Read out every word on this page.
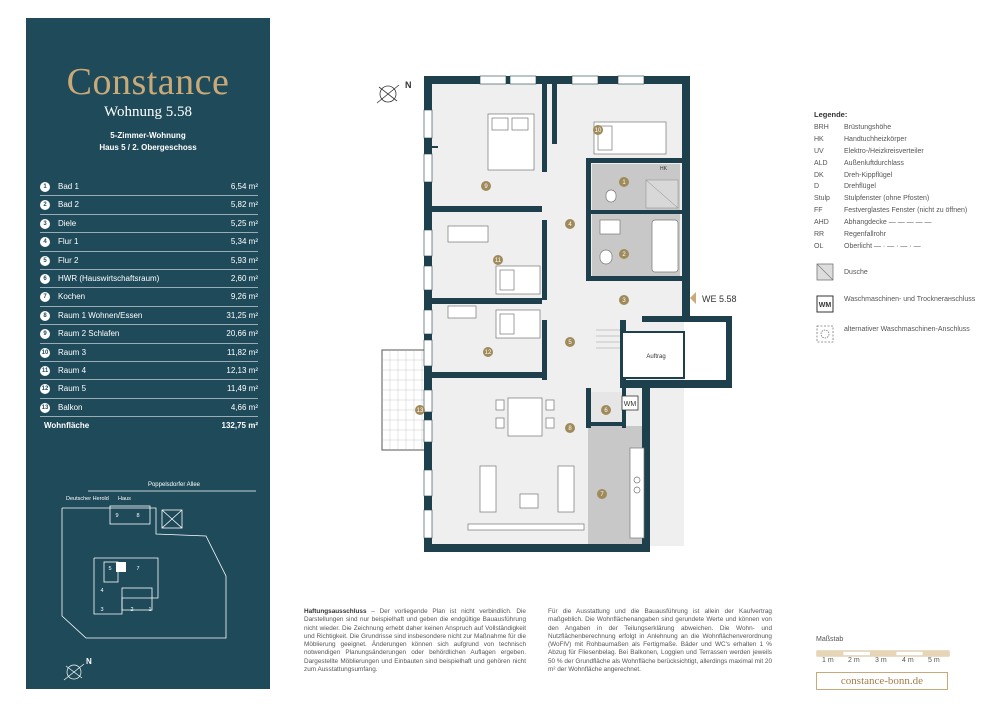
Constance
Wohnung 5.58
5-Zimmer-Wohnung
Haus 5 / 2. Obergeschoss
1	Bad 1	6,54 m²
2	Bad 2	5,82 m²
3	Diele	5,25 m²
4	Flur 1	5,34 m²
5	Flur 2	5,93 m²
6	HWR (Hauswirtschaftsraum)	2,60 m²
7	Kochen	9,26 m²
8	Raum 1 Wohnen/Essen	31,25 m²
9	Raum 2 Schlafen	20,66 m²
10 Raum 3	11,82 m²
11 Raum 4	12,13 m²
12 Raum 5	11,49 m²
13 Balkon	4,66 m²
Wohnfläche	132,75 m²
Poppelsdorfer Allee
Deutscher Herold Haus
9	8
5	7
4
3	2	1
N
N
WM
HK
Auftrag
WE 5.58
1
2
3
4
5
6
7
8
9
10
11
12
13
Legende:
BRH Brüstungshöhe
HK	Handtuchheizkörper
UV	Elektro-/Heizkreisverteiler
ALD Außenluftdurchlass
DK	Dreh-Kippflügel
D	Drehflügel
Stulp Stulpfenster (ohne Pfosten)
FF	Festverglastes Fenster (nicht zu öffnen)
AHD Abhangdecke — — — — —
RR	Regenfallrohr
OL	Oberlicht — · — · — · —
Dusche
WM
Waschmaschinen- und Trocknerанschluss
alternativer Waschmaschinen-Anschluss
Haftungsausschluss – Der vorliegende Plan ist nicht verbindlich. Die Darstellungen sind nur beispielhaft und geben die endgültige Bauausführung nicht wieder. Die Zeichnung erhebt daher keinen Anspruch auf Vollständigkeit und Richtigkeit. Die Grundrisse sind insbesondere nicht zur Maßnahme für die Möblierung geeignet. Änderungen können sich aufgrund von technisch notwendigen Planungsänderungen oder behördlichen Auflagen ergeben. Dargestellte Möblierungen und Einbauten sind beispielhaft und gehören nicht zum Ausstattungsumfang.
Für die Ausstattung und die Bauausführung ist allein der Kaufvertrag maßgeblich. Die Wohnflächenangaben sind gerundete Werte und können von den Angaben in der Teilungserklärung abweichen. Die Wohn- und Nutzflächenberechnung erfolgt in Anlehnung an die Wohnflächenverordnung (WoFlV) mit Rohbaumaßen als Fertigmaße. Bäder und WC's erhalten 1 % Abzug für Fliesenbelag. Bei Balkonen, Loggien und Terrassen werden jeweils 50 % der Grundfläche als Wohnfläche berücksichtigt, allerdings maximal mit 20 m² der Wohnfläche angerechnet.
Maßstab
1 m 2 m 3 m 4 m 5 m
constance-bonn.de
